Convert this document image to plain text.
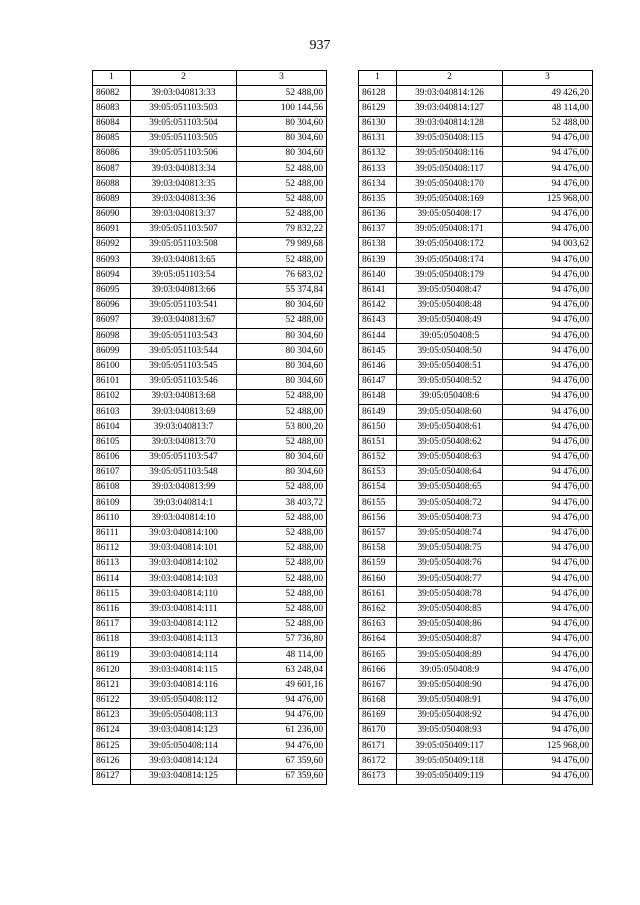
937
1	2	3
86082	39:03:040813:33	52 488,00
86083	39:05:051103:503	100 144,56
86084	39:05:051103:504	80 304,60
86085	39:05:051103:505	80 304,60
86086	39:05:051103:506	80 304,60
86087	39:03:040813:34	52 488,00
86088	39:03:040813:35	52 488,00
86089	39:03:040813:36	52 488,00
86090	39:03:040813:37	52 488,00
86091	39:05:051103:507	79 832,22
86092	39:05:051103:508	79 989,68
86093	39:03:040813:65	52 488,00
86094	39:05:051103:54	76 683,02
86095	39:03:040813:66	55 374,84
86096	39:05:051103:541	80 304,60
86097	39:03:040813:67	52 488,00
86098	39:05:051103:543	80 304,60
86099	39:05:051103:544	80 304,60
86100	39:05:051103:545	80 304,60
86101	39:05:051103:546	80 304,60
86102	39:03:040813:68	52 488,00
86103	39:03:040813:69	52 488,00
86104	39:03:040813:7	53 800,20
86105	39:03:040813:70	52 488,00
86106	39:05:051103:547	80 304,60
86107	39:05:051103:548	80 304,60
86108	39:03:040813:99	52 488,00
86109	39:03:040814:1	38 403,72
86110	39:03:040814:10	52 488,00
86111	39:03:040814:100	52 488,00
86112	39:03:040814:101	52 488,00
86113	39:03:040814:102	52 488,00
86114	39:03:040814:103	52 488,00
86115	39:03:040814:110	52 488,00
86116	39:03:040814:111	52 488,00
86117	39:03:040814:112	52 488,00
86118	39:03:040814:113	57 736,80
86119	39:03:040814:114	48 114,00
86120	39:03:040814:115	63 248,04
86121	39:03:040814:116	49 601,16
86122	39:05:050408:112	94 476,00
86123	39:05:050408:113	94 476,00
86124	39:03:040814:123	61 236,00
86125	39:05:050408:114	94 476,00
86126	39:03:040814:124	67 359,60
86127	39:03:040814:125	67 359,60
1	2	3
86128	39:03:040814:126	49 426,20
86129	39:03:040814:127	48 114,00
86130	39:03:040814:128	52 488,00
86131	39:05:050408:115	94 476,00
86132	39:05:050408:116	94 476,00
86133	39:05:050408:117	94 476,00
86134	39:05:050408:170	94 476,00
86135	39:05:050408:169	125 968,00
86136	39:05:050408:17	94 476,00
86137	39:05:050408:171	94 476,00
86138	39:05:050408:172	94 003,62
86139	39:05:050408:174	94 476,00
86140	39:05:050408:179	94 476,00
86141	39:05:050408:47	94 476,00
86142	39:05:050408:48	94 476,00
86143	39:05:050408:49	94 476,00
86144	39:05:050408:5	94 476,00
86145	39:05:050408:50	94 476,00
86146	39:05:050408:51	94 476,00
86147	39:05:050408:52	94 476,00
86148	39:05:050408:6	94 476,00
86149	39:05:050408:60	94 476,00
86150	39:05:050408:61	94 476,00
86151	39:05:050408:62	94 476,00
86152	39:05:050408:63	94 476,00
86153	39:05:050408:64	94 476,00
86154	39:05:050408:65	94 476,00
86155	39:05:050408:72	94 476,00
86156	39:05:050408:73	94 476,00
86157	39:05:050408:74	94 476,00
86158	39:05:050408:75	94 476,00
86159	39:05:050408:76	94 476,00
86160	39:05:050408:77	94 476,00
86161	39:05:050408:78	94 476,00
86162	39:05:050408:85	94 476,00
86163	39:05:050408:86	94 476,00
86164	39:05:050408:87	94 476,00
86165	39:05:050408:89	94 476,00
86166	39:05:050408:9	94 476,00
86167	39:05:050408:90	94 476,00
86168	39:05:050408:91	94 476,00
86169	39:05:050408:92	94 476,00
86170	39:05:050408:93	94 476,00
86171	39:05:050409:117	125 968,00
86172	39:05:050409:118	94 476,00
86173	39:05:050409:119	94 476,00
